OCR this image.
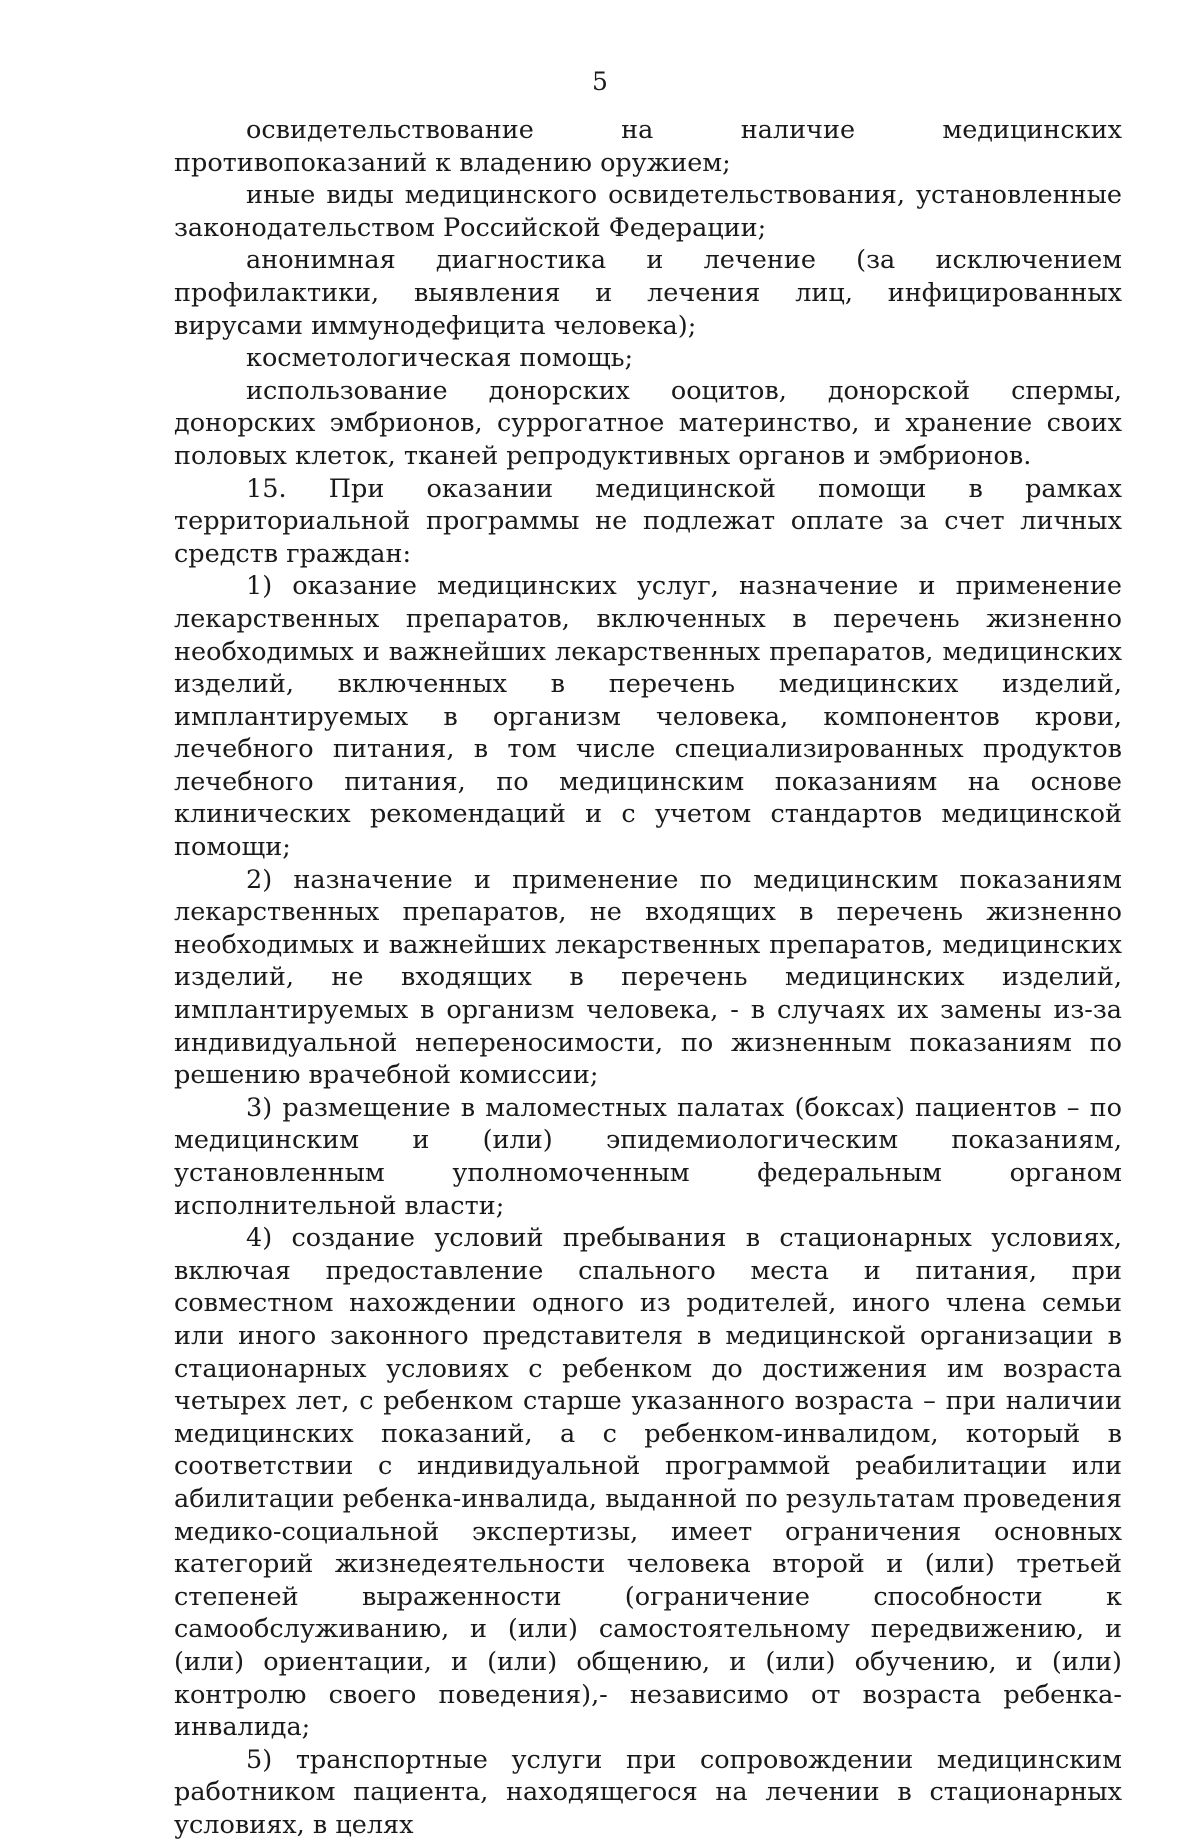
5

освидетельствование на наличие медицинских противопоказаний к владению оружием;

иные виды медицинского освидетельствования, установленные законодательством Российской Федерации;

анонимная диагностика и лечение (за исключением профилактики, выявления и лечения лиц, инфицированных вирусами иммунодефицита человека);

косметологическая помощь;

использование донорских ооцитов, донорской спермы, донорских эмбрионов, суррогатное материнство, и хранение своих половых клеток, тканей репродуктивных органов и эмбрионов.

15. При оказании медицинской помощи в рамках территориальной программы не подлежат оплате за счет личных средств граждан:

1) оказание медицинских услуг, назначение и применение лекарственных препаратов, включенных в перечень жизненно необходимых и важнейших лекарственных препаратов, медицинских изделий, включенных в перечень медицинских изделий, имплантируемых в организм человека, компонентов крови, лечебного питания, в том числе специализированных продуктов лечебного питания, по медицинским показаниям на основе клинических рекомендаций и с учетом стандартов медицинской помощи;

2) назначение и применение по медицинским показаниям лекарственных препаратов, не входящих в перечень жизненно необходимых и важнейших лекарственных препаратов, медицинских изделий, не входящих в перечень медицинских изделий, имплантируемых в организм человека, - в случаях их замены из-за индивидуальной непереносимости, по жизненным показаниям по решению врачебной комиссии;

3) размещение в маломестных палатах (боксах) пациентов – по медицинским и (или) эпидемиологическим показаниям, установленным уполномоченным федеральным органом исполнительной власти;

4) создание условий пребывания в стационарных условиях, включая предоставление спального места и питания, при совместном нахождении одного из родителей, иного члена семьи или иного законного представителя в медицинской организации в стационарных условиях с ребенком до достижения им возраста четырех лет, с ребенком старше указанного возраста – при наличии медицинских показаний, а с ребенком-инвалидом, который в соответствии с индивидуальной программой реабилитации или абилитации ребенка-инвалида, выданной по результатам проведения медико-социальной экспертизы, имеет ограничения основных категорий жизнедеятельности человека второй и (или) третьей степеней выраженности (ограничение способности к самообслуживанию, и (или) самостоятельному передвижению, и (или) ориентации, и (или) общению, и (или) обучению, и (или) контролю своего поведения),- независимо от возраста ребенка-инвалида;

5) транспортные услуги при сопровождении медицинским работником пациента, находящегося на лечении в стационарных условиях, в целях
